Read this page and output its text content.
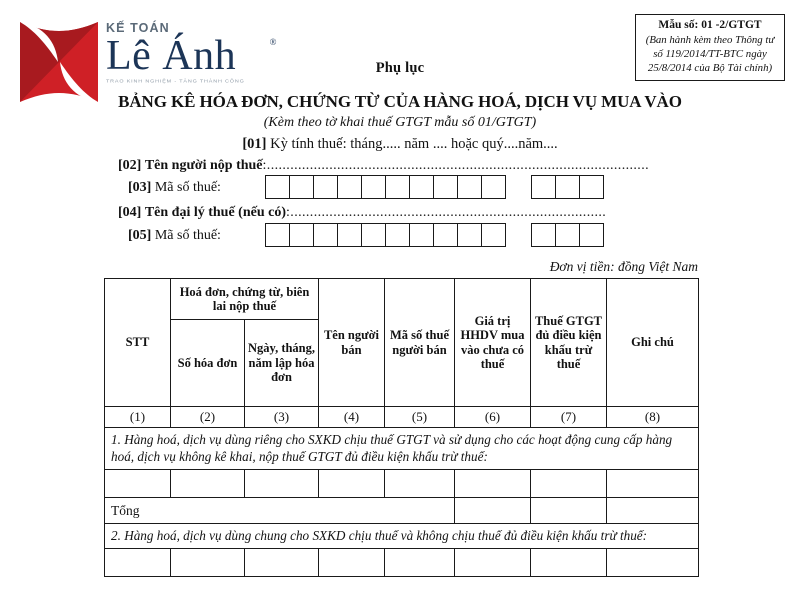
KẾ TOÁN
Lê Ánh	®
TRAO KINH NGHIỆM - TĂNG THÀNH CÔNG
Mẫu số: 01 -2/GTGT
(Ban hành kèm theo Thông tư
số 119/2014/TT-BTC ngày
25/8/2014 của Bộ Tài chính)
Phụ lục
BẢNG KÊ HÓA ĐƠN, CHỨNG TỪ CỦA HÀNG HOÁ, DỊCH VỤ MUA VÀO
(Kèm theo tờ khai thuế GTGT mẫu số 01/GTGT)
[01] Kỳ tính thuế: tháng..... năm .... hoặc quý....năm....
[02] Tên người nộp thuế:..................................................................................................
[03] Mã số thuế:
[04] Tên đại lý thuế (nếu có):.................................................................................
[05] Mã số thuế:
Đơn vị tiền: đồng Việt Nam
STT	Hoá đơn, chứng từ, biên lai nộp thuế		Tên người bán	Mã số thuế người bán	Giá trị HHDV mua vào chưa có thuế	Thuế GTGT đủ điều kiện khấu trừ thuế	Ghi chú
	Số hóa đơn	Ngày, tháng, năm lập hóa đơn					
(1)	(2)	(3)	(4)	(5)	(6)	(7)	(8)
1. Hàng hoá, dịch vụ dùng riêng cho SXKD chịu thuế GTGT và sử dụng cho các hoạt động cung cấp hàng hoá, dịch vụ không kê khai, nộp thuế GTGT đủ điều kiện khấu trừ thuế:							

Tổng							
2. Hàng hoá, dịch vụ dùng chung cho SXKD chịu thuế và không chịu thuế đủ điều kiện khấu trừ thuế:							
